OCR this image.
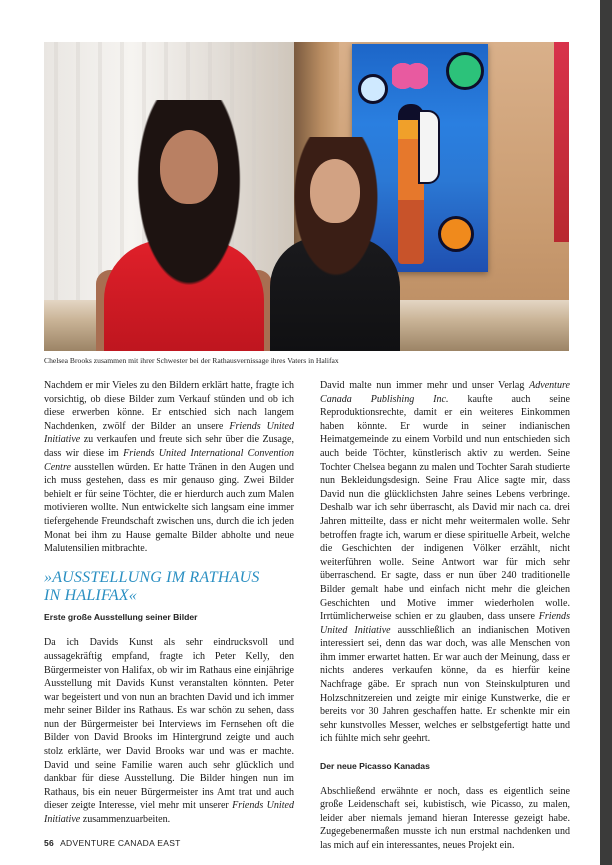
Chelsea Brooks zusammen mit ihrer Schwester bei der Rathausvernissage ihres Vaters in Halifax

Nachdem er mir Vieles zu den Bildern erklärt hatte, fragte ich vorsichtig, ob diese Bilder zum Verkauf stünden und ob ich diese erwerben könne. Er entschied sich nach langem Nachdenken, zwölf der Bilder an unsere Friends United Initiative zu verkaufen und freute sich sehr über die Zusage, dass wir diese im Friends United International Convention Centre ausstellen würden. Er hatte Tränen in den Augen und ich muss gestehen, dass es mir genauso ging. Zwei Bilder behielt er für seine Töchter, die er hierdurch auch zum Malen motivieren wollte. Nun entwickelte sich langsam eine immer tiefergehende Freundschaft zwischen uns, durch die ich jeden Monat bei ihm zu Hause gemalte Bilder abholte und neue Malutensilien mitbrachte.

»AUSSTELLUNG IM RATHAUS
IN HALIFAX«
Erste große Ausstellung seiner Bilder

Da ich Davids Kunst als sehr eindrucksvoll und aussagekräftig empfand, fragte ich Peter Kelly, den Bürgermeister von Halifax, ob wir im Rathaus eine einjährige Ausstellung mit Davids Kunst veranstalten könnten. Peter war begeistert und von nun an brachten David und ich immer mehr seiner Bilder ins Rathaus. Es war schön zu sehen, dass nun der Bürgermeister bei Interviews im Fernsehen oft die Bilder von David Brooks im Hintergrund zeigte und auch stolz erklärte, wer David Brooks war und was er machte. David und seine Familie waren auch sehr glücklich und dankbar für diese Ausstellung. Die Bilder hingen nun im Rathaus, bis ein neuer Bürgermeister ins Amt trat und auch dieser zeigte Interesse, viel mehr mit unserer Friends United Initiative zusammenzuarbeiten.

David malte nun immer mehr und unser Verlag Adventure Canada Publishing Inc. kaufte auch seine Reproduktionsrechte, damit er ein weiteres Einkommen haben könnte. Er wurde in seiner indianischen Heimatgemeinde zu einem Vorbild und nun entschieden sich auch beide Töchter, künstlerisch aktiv zu werden. Seine Tochter Chelsea begann zu malen und Tochter Sarah studierte nun Bekleidungsdesign. Seine Frau Alice sagte mir, dass David nun die glücklichsten Jahre seines Lebens verbringe. Deshalb war ich sehr überrascht, als David mir nach ca. drei Jahren mitteilte, dass er nicht mehr weitermalen wolle. Sehr betroffen fragte ich, warum er diese spirituelle Arbeit, welche die Geschichten der indigenen Völker erzählt, nicht weiterführen wolle. Seine Antwort war für mich sehr überraschend. Er sagte, dass er nun über 240 traditionelle Bilder gemalt habe und einfach nicht mehr die gleichen Geschichten und Motive immer wiederholen wolle. Irrtümlicherweise schien er zu glauben, dass unsere Friends United Initiative ausschließlich an indianischen Motiven interessiert sei, denn das war doch, was alle Menschen von ihm immer erwartet hatten. Er war auch der Meinung, dass er nichts anderes verkaufen könne, da es hierfür keine Nachfrage gäbe. Er sprach nun von Steinskulpturen und Holzschnitzereien und zeigte mir einige Kunstwerke, die er bereits vor 30 Jahren geschaffen hatte. Er schenkte mir ein sehr kunstvolles Messer, welches er selbstgefertigt hatte und ich fühlte mich sehr geehrt.

Der neue Picasso Kanadas

Abschließend erwähnte er noch, dass es eigentlich seine große Leidenschaft sei, kubistisch, wie Picasso, zu malen, leider aber niemals jemand hieran Interesse gezeigt habe. Zugegebenermaßen musste ich nun erstmal nachdenken und las mich auf ein interessantes, neues Projekt ein.

56 ADVENTURE CANADA EAST
